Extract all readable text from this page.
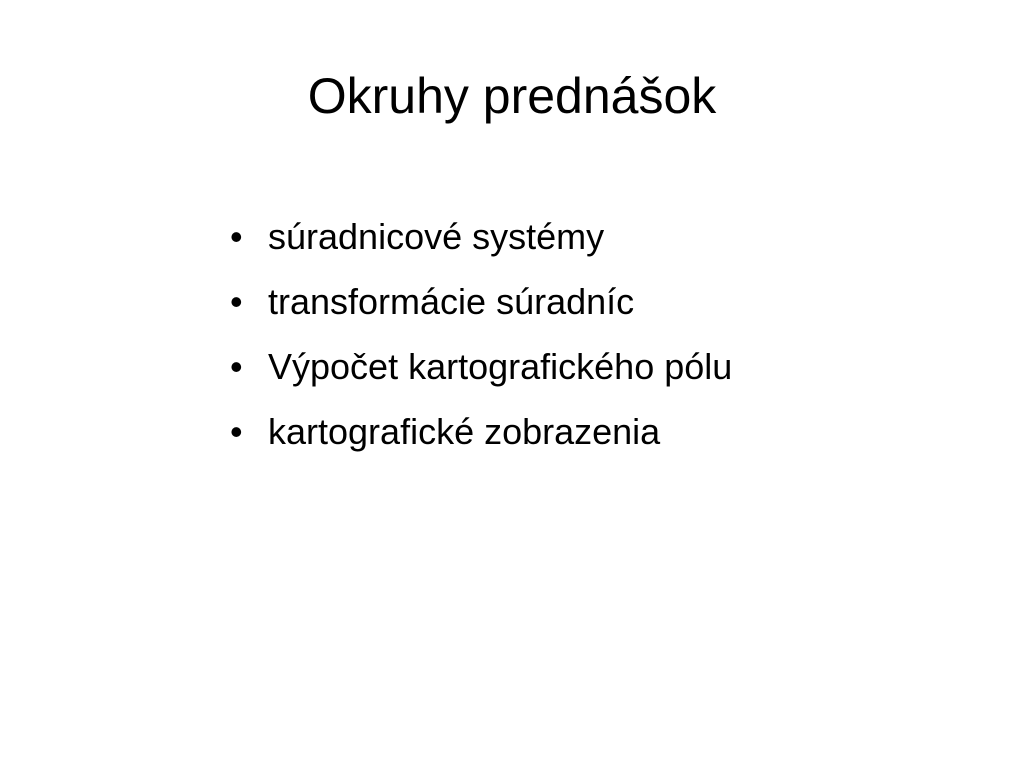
Okruhy prednášok
• súradnicové systémy
• transformácie súradníc
• Výpočet kartografického pólu
• kartografické zobrazenia
